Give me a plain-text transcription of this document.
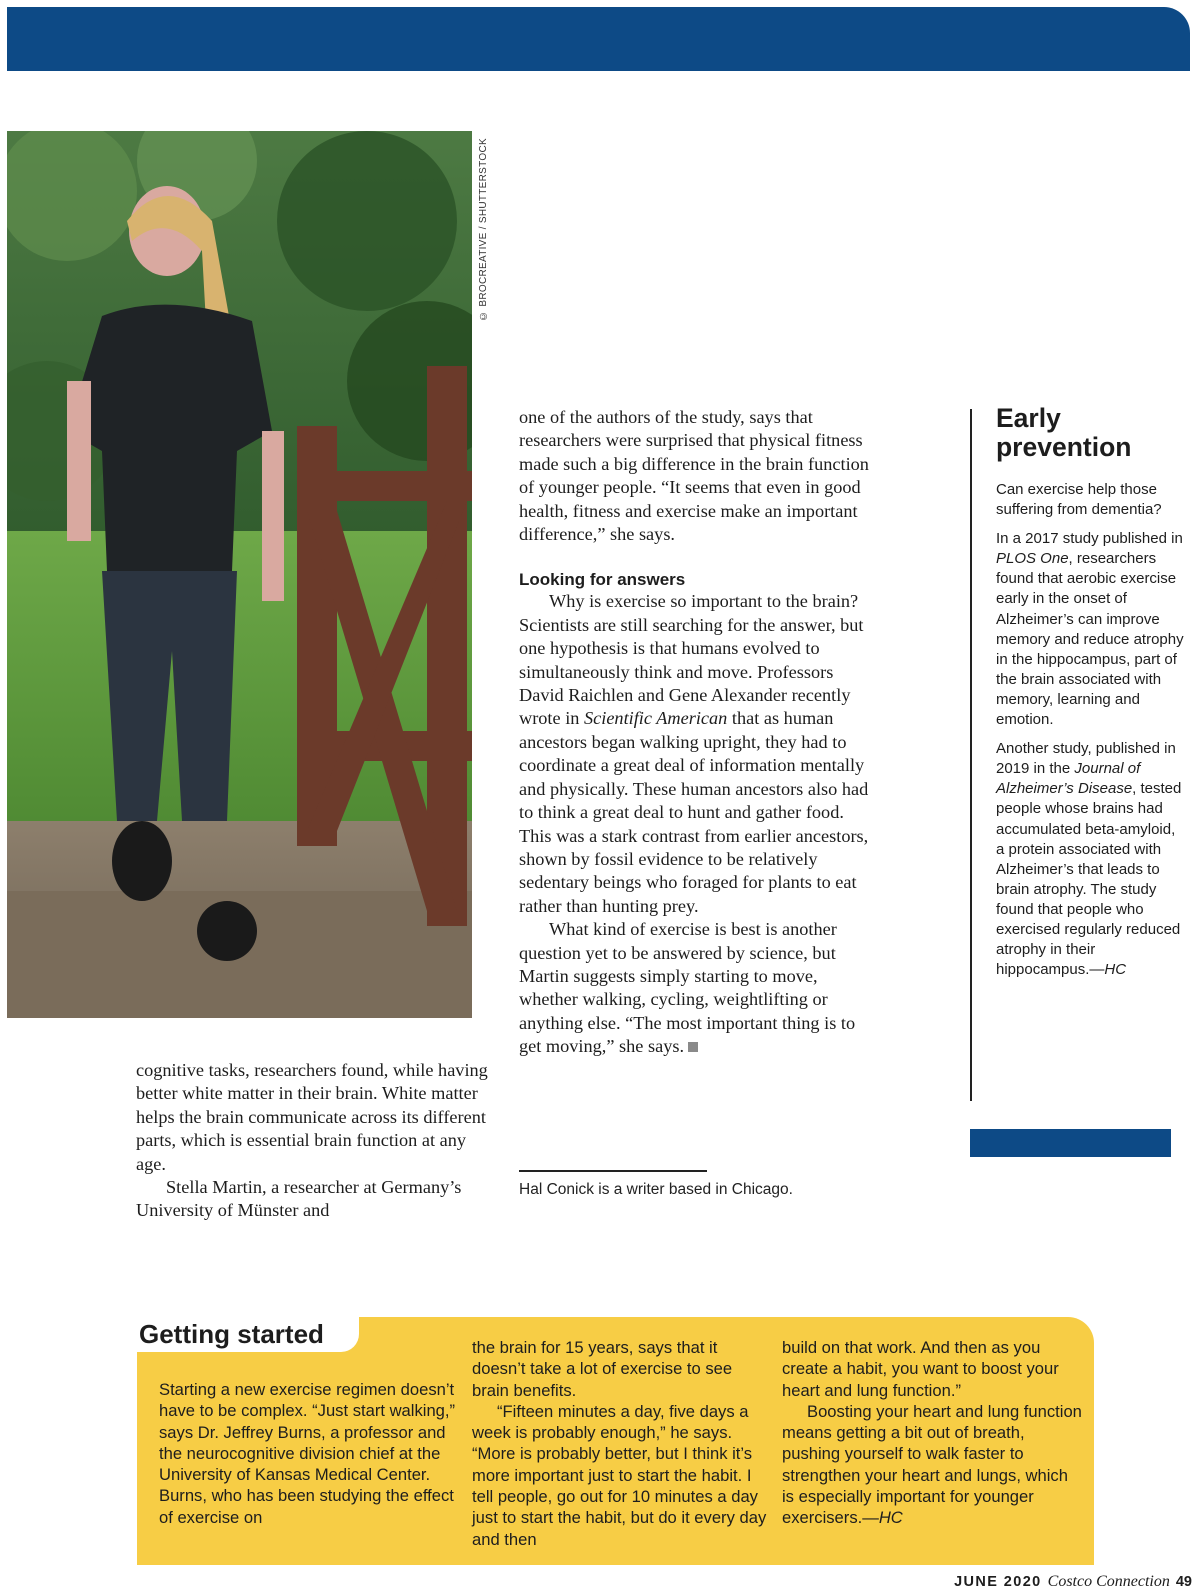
© BROCREATIVE / SHUTTERSTOCK

cognitive tasks, researchers found, while having better white matter in their brain. White matter helps the brain communicate across its different parts, which is essential brain function at any age.

Stella Martin, a researcher at Germany’s University of Münster and

one of the authors of the study, says that researchers were surprised that physical fitness made such a big difference in the brain function of younger people. “It seems that even in good health, fitness and exercise make an important difference,” she says.

Looking for answers

Why is exercise so important to the brain? Scientists are still searching for the answer, but one hypothesis is that humans evolved to simultaneously think and move. Professors David Raichlen and Gene Alexander recently wrote in Scientific American that as human ancestors began walking upright, they had to coordinate a great deal of information mentally and physically. These human ancestors also had to think a great deal to hunt and gather food. This was a stark contrast from earlier ancestors, shown by fossil evidence to be relatively sedentary beings who foraged for plants to eat rather than hunting prey.

What kind of exercise is best is another question yet to be answered by science, but Martin suggests simply starting to move, whether walking, cycling, weightlifting or anything else. “The most important thing is to get moving,” she says.

Hal Conick is a writer based in Chicago.
Early prevention

Can exercise help those suffering from dementia?

In a 2017 study published in PLOS One, researchers found that aerobic exercise early in the onset of Alzheimer’s can improve memory and reduce atrophy in the hippocampus, part of the brain associated with memory, learning and emotion.

Another study, published in 2019 in the Journal of Alzheimer’s Disease, tested people whose brains had accumulated beta-amyloid, a protein associated with Alzheimer’s that leads to brain atrophy. The study found that people who exercised regularly reduced atrophy in their hippocampus.—HC

Getting started

Starting a new exercise regimen doesn’t have to be complex. “Just start walking,” says Dr. Jeffrey Burns, a professor and the neurocognitive division chief at the University of Kansas Medical Center. Burns, who has been studying the effect of exercise on

the brain for 15 years, says that it doesn’t take a lot of exercise to see brain benefits.

“Fifteen minutes a day, five days a week is probably enough,” he says. “More is probably better, but I think it’s more important just to start the habit. I tell people, go out for 10 minutes a day just to start the habit, but do it every day and then

build on that work. And then as you create a habit, you want to boost your heart and lung function.”

Boosting your heart and lung function means getting a bit out of breath, pushing yourself to walk faster to strengthen your heart and lungs, which is especially important for younger exercisers.—HC

JUNE 2020 Costco Connection 49
